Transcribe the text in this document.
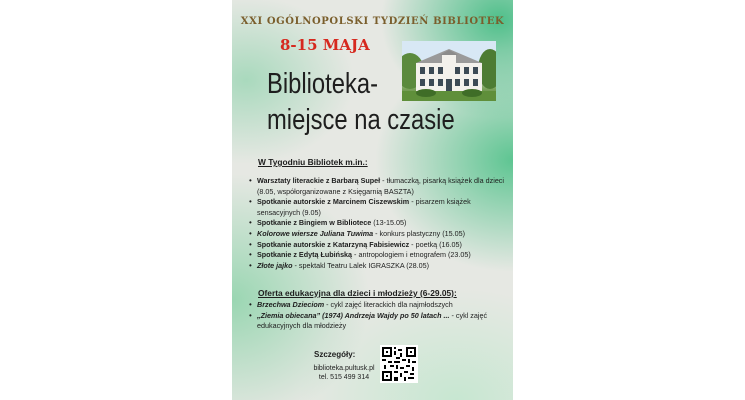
XXI OGÓLNOPOLSKI TYDZIEŃ BIBLIOTEK
8-15 MAJA
Biblioteka-
miejsce na czasie
W Tygodniu Bibliotek m.in.:
• Warsztaty literackie z Barbarą Supeł - tłumaczką, pisarką książek dla dzieci (8.05, współorganizowane z Księgarnią BASZTA)
• Spotkanie autorskie z Marcinem Ciszewskim - pisarzem książek sensacyjnych (9.05)
• Spotkanie z Bingiem w Bibliotece (13-15.05)
• Kolorowe wiersze Juliana Tuwima - konkurs plastyczny (15.05)
• Spotkanie autorskie z Katarzyną Fabisiewicz - poetką (16.05)
• Spotkanie z Edytą Łubińską - antropologiem i etnografem (23.05)
• Złote jajko - spektakl Teatru Lalek IGRASZKA (28.05)
Oferta edukacyjna dla dzieci i młodzieży (6-29.05):
• Brzechwa Dzieciom - cykl zajęć literackich dla najmłodszych
• „Ziemia obiecana” (1974) Andrzeja Wajdy po 50 latach ... - cykl zajęć edukacyjnych dla młodzieży
Szczegóły:
biblioteka.pultusk.pl
tel. 515 499 314
